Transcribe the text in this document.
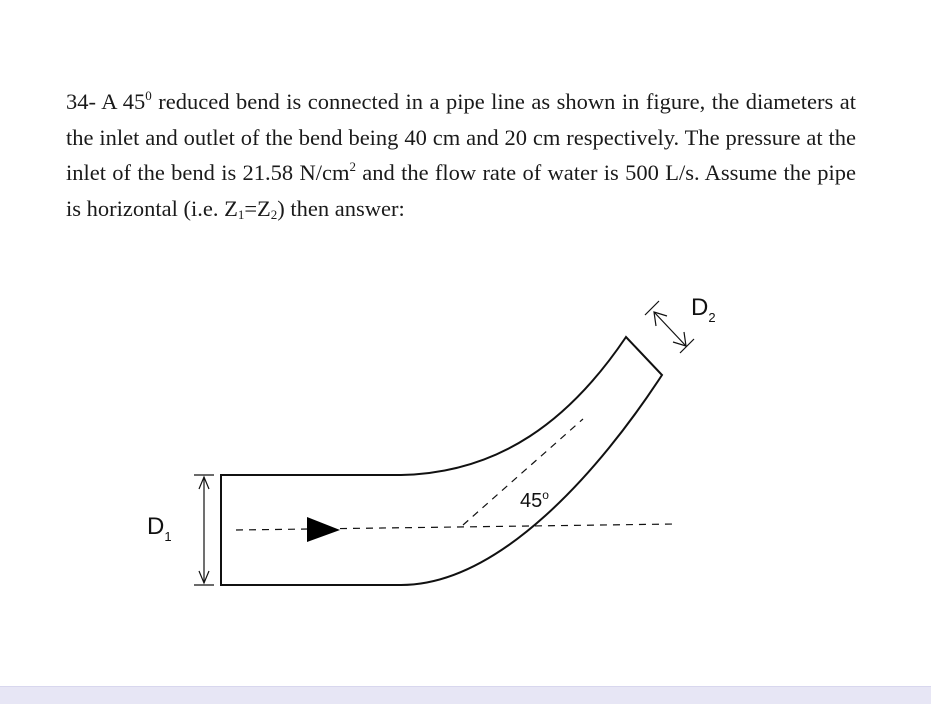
34- A $45^0$ reduced bend is connected in a pipe line as shown in figure, the diameters at the inlet and outlet of the bend being 40 cm and 20 cm respectively. The pressure at the inlet of the bend is 21.58 $N/cm^2$ and the flow rate of water is 500 L/s. Assume the pipe is horizontal (i.e. $Z_1=Z_2$) then answer:
$D_1$
$D_2$
45$^o$
